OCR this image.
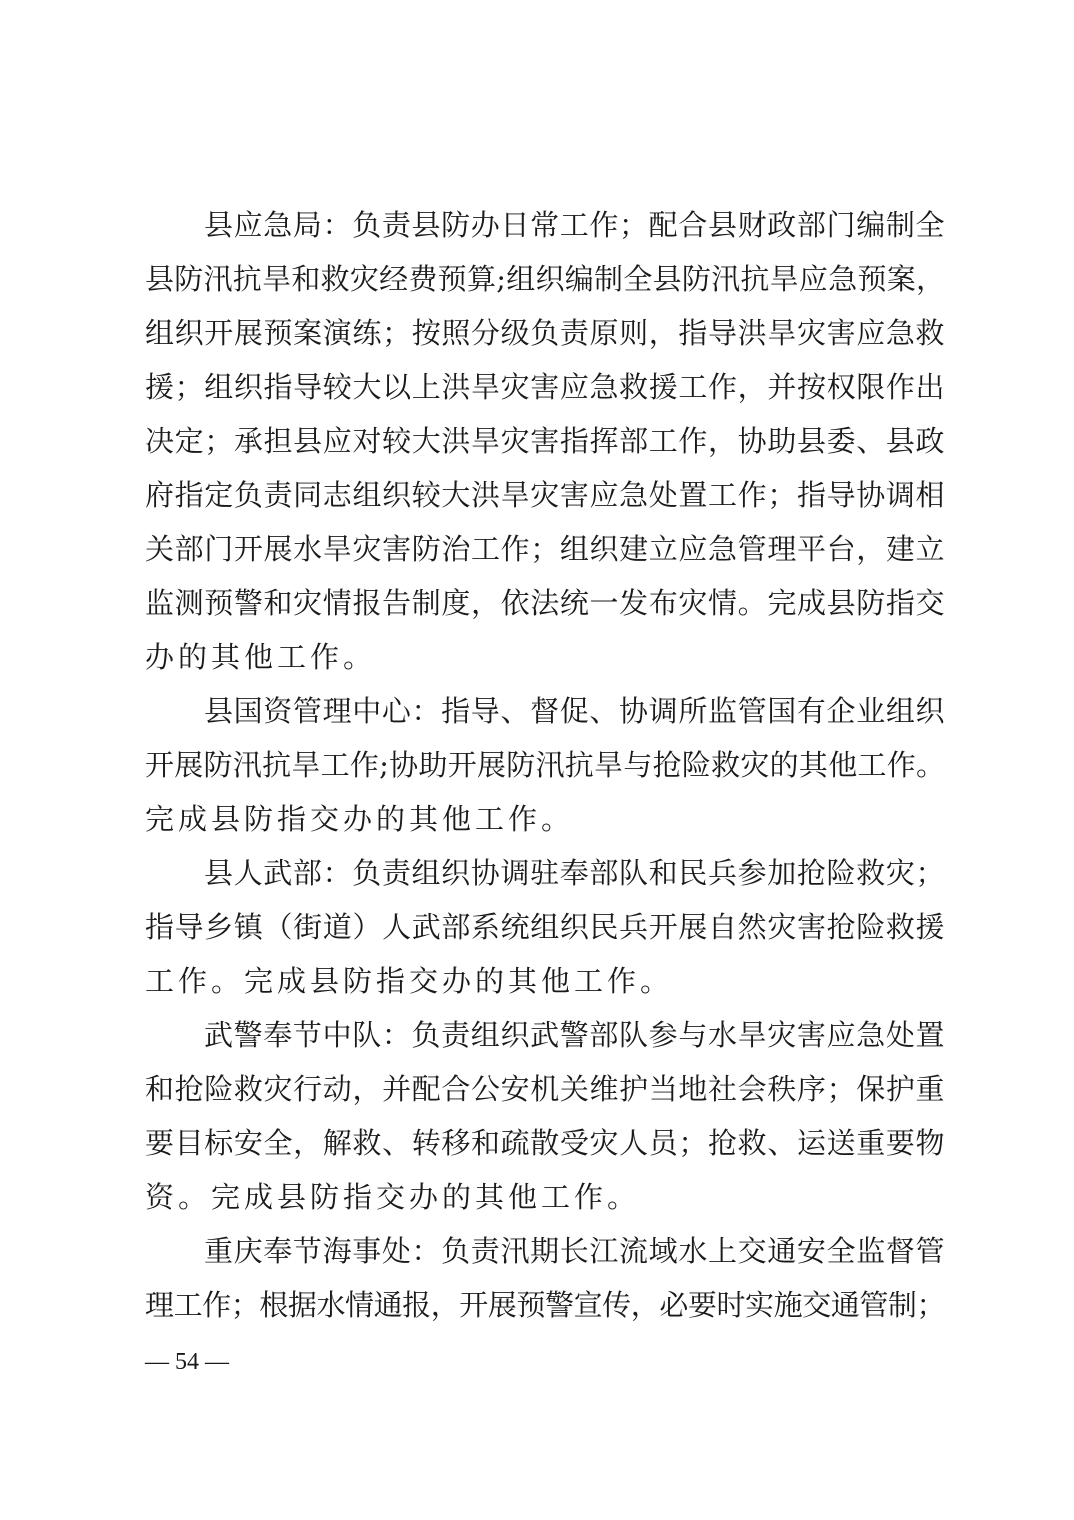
县应急局：负责县防办日常工作；配合县财政部门编制全
县防汛抗旱和救灾经费预算;组织编制全县防汛抗旱应急预案，
组织开展预案演练；按照分级负责原则，指导洪旱灾害应急救
援；组织指导较大以上洪旱灾害应急救援工作，并按权限作出
决定；承担县应对较大洪旱灾害指挥部工作，协助县委、县政
府指定负责同志组织较大洪旱灾害应急处置工作；指导协调相
关部门开展水旱灾害防治工作；组织建立应急管理平台，建立
监测预警和灾情报告制度，依法统一发布灾情。完成县防指交
办的其他工作。
县国资管理中心：指导、督促、协调所监管国有企业组织
开展防汛抗旱工作;协助开展防汛抗旱与抢险救灾的其他工作。
完成县防指交办的其他工作。
县人武部：负责组织协调驻奉部队和民兵参加抢险救灾；
指导乡镇（街道）人武部系统组织民兵开展自然灾害抢险救援
工作。完成县防指交办的其他工作。
武警奉节中队：负责组织武警部队参与水旱灾害应急处置
和抢险救灾行动，并配合公安机关维护当地社会秩序；保护重
要目标安全，解救、转移和疏散受灾人员；抢救、运送重要物
资。完成县防指交办的其他工作。
重庆奉节海事处：负责汛期长江流域水上交通安全监督管
理工作；根据水情通报，开展预警宣传，必要时实施交通管制；
— 54 —
